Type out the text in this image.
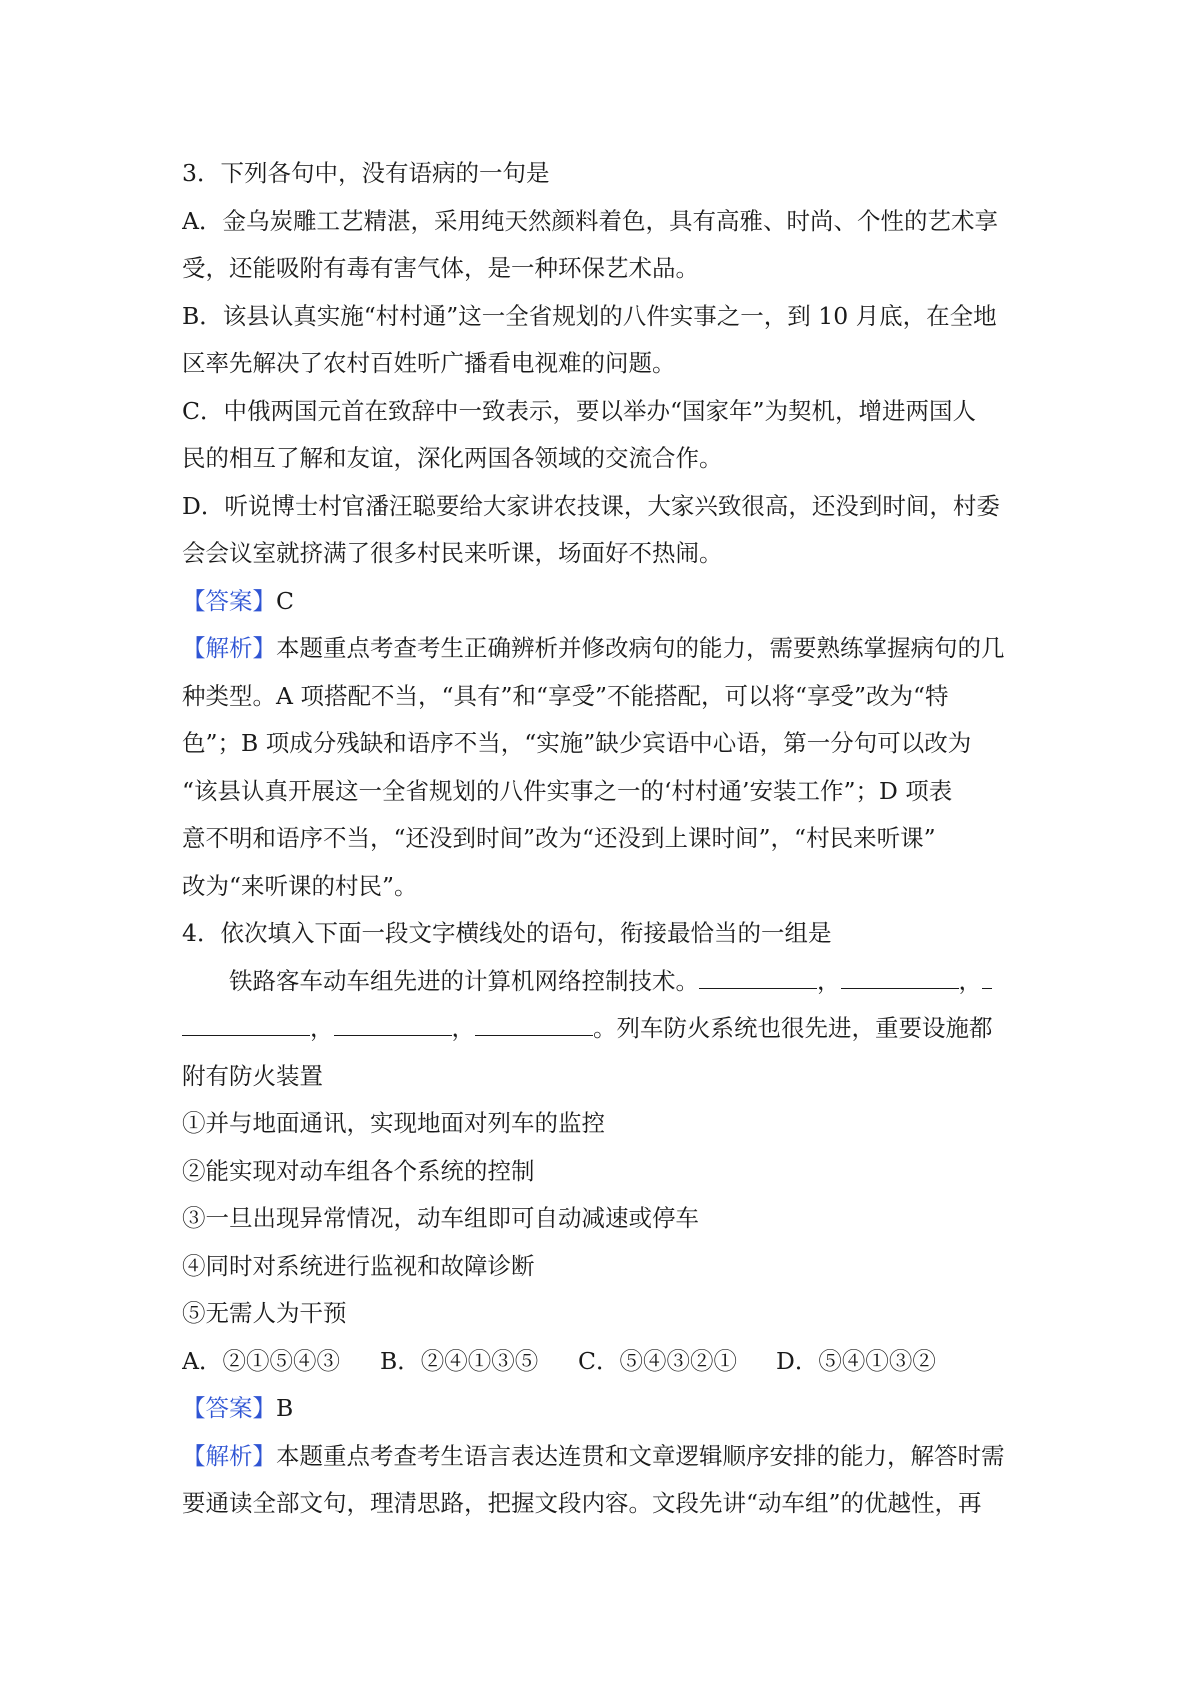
3．下列各句中，没有语病的一句是
A．金乌炭雕工艺精湛，采用纯天然颜料着色，具有高雅、时尚、个性的艺术享
受，还能吸附有毒有害气体，是一种环保艺术品。
B．该县认真实施“村村通”这一全省规划的八件实事之一，到 10 月底，在全地
区率先解决了农村百姓听广播看电视难的问题。
C．中俄两国元首在致辞中一致表示，要以举办“国家年”为契机，增进两国人
民的相互了解和友谊，深化两国各领域的交流合作。
D．听说博士村官潘汪聪要给大家讲农技课，大家兴致很高，还没到时间，村委
会会议室就挤满了很多村民来听课，场面好不热闹。
【答案】C
【解析】本题重点考查考生正确辨析并修改病句的能力，需要熟练掌握病句的几
种类型。A 项搭配不当，“具有”和“享受”不能搭配，可以将“享受”改为“特
色”；B 项成分残缺和语序不当，“实施”缺少宾语中心语，第一分句可以改为
“该县认真开展这一全省规划的八件实事之一的‘村村通’安装工作”；D 项表
意不明和语序不当，“还没到时间”改为“还没到上课时间”，“村民来听课”
改为“来听课的村民”。
4．依次填入下面一段文字横线处的语句，衔接最恰当的一组是
铁路客车动车组先进的计算机网络控制技术。	，	，
，	，	。列车防火系统也很先进，重要设施都
附有防火装置
①并与地面通讯，实现地面对列车的监控
②能实现对动车组各个系统的控制
③一旦出现异常情况，动车组即可自动减速或停车
④同时对系统进行监视和故障诊断
⑤无需人为干预
A．②①⑤④③ B．②④①③⑤ C．⑤④③②① D．⑤④①③②
【答案】B
【解析】本题重点考查考生语言表达连贯和文章逻辑顺序安排的能力，解答时需
要通读全部文句，理清思路，把握文段内容。文段先讲“动车组”的优越性，再
